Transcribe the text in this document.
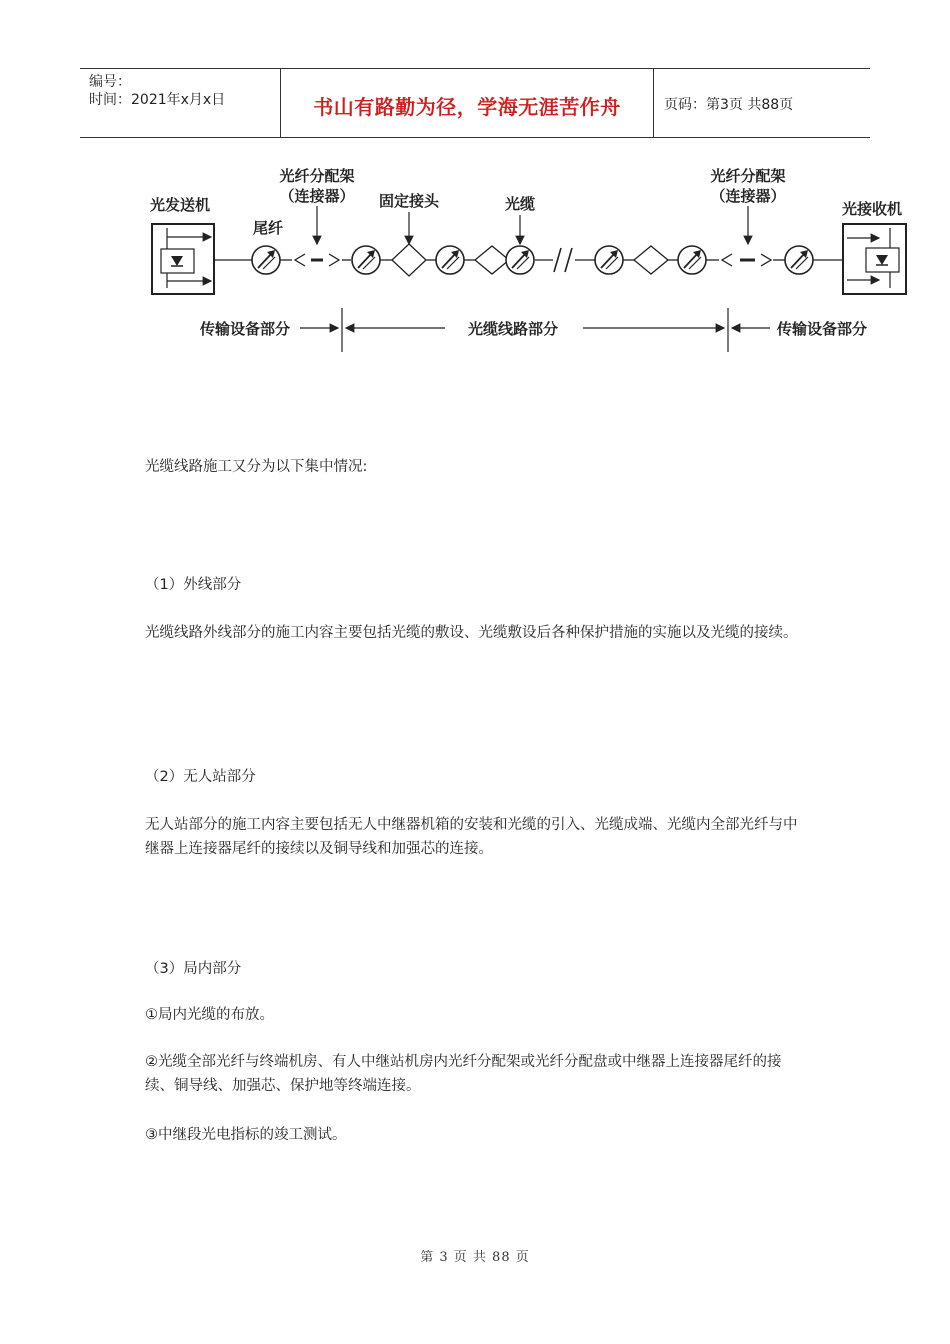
编号：
时间：2021年x月x日	书山有路勤为径，学海无涯苦作舟	页码：第3页 共88页
光发送机
尾纤
光纤分配架
（连接器） 固定接头	光缆
光纤分配架
（连接器）
光接收机
传输设备部分	光缆线路部分	传输设备部分
光缆线路施工又分为以下集中情况:
（1）外线部分
光缆线路外线部分的施工内容主要包括光缆的敷设、光缆敷设后各种保护措施的实施以及光缆的接续。
（2）无人站部分
无人站部分的施工内容主要包括无人中继器机箱的安装和光缆的引入、光缆成端、光缆内全部光纤与中继器上连接器尾纤的接续以及铜导线和加强芯的连接。
（3）局内部分
①局内光缆的布放。
②光缆全部光纤与终端机房、有人中继站机房内光纤分配架或光纤分配盘或中继器上连接器尾纤的接续、铜导线、加强芯、保护地等终端连接。
③中继段光电指标的竣工测试。
第 3 页 共 88 页
